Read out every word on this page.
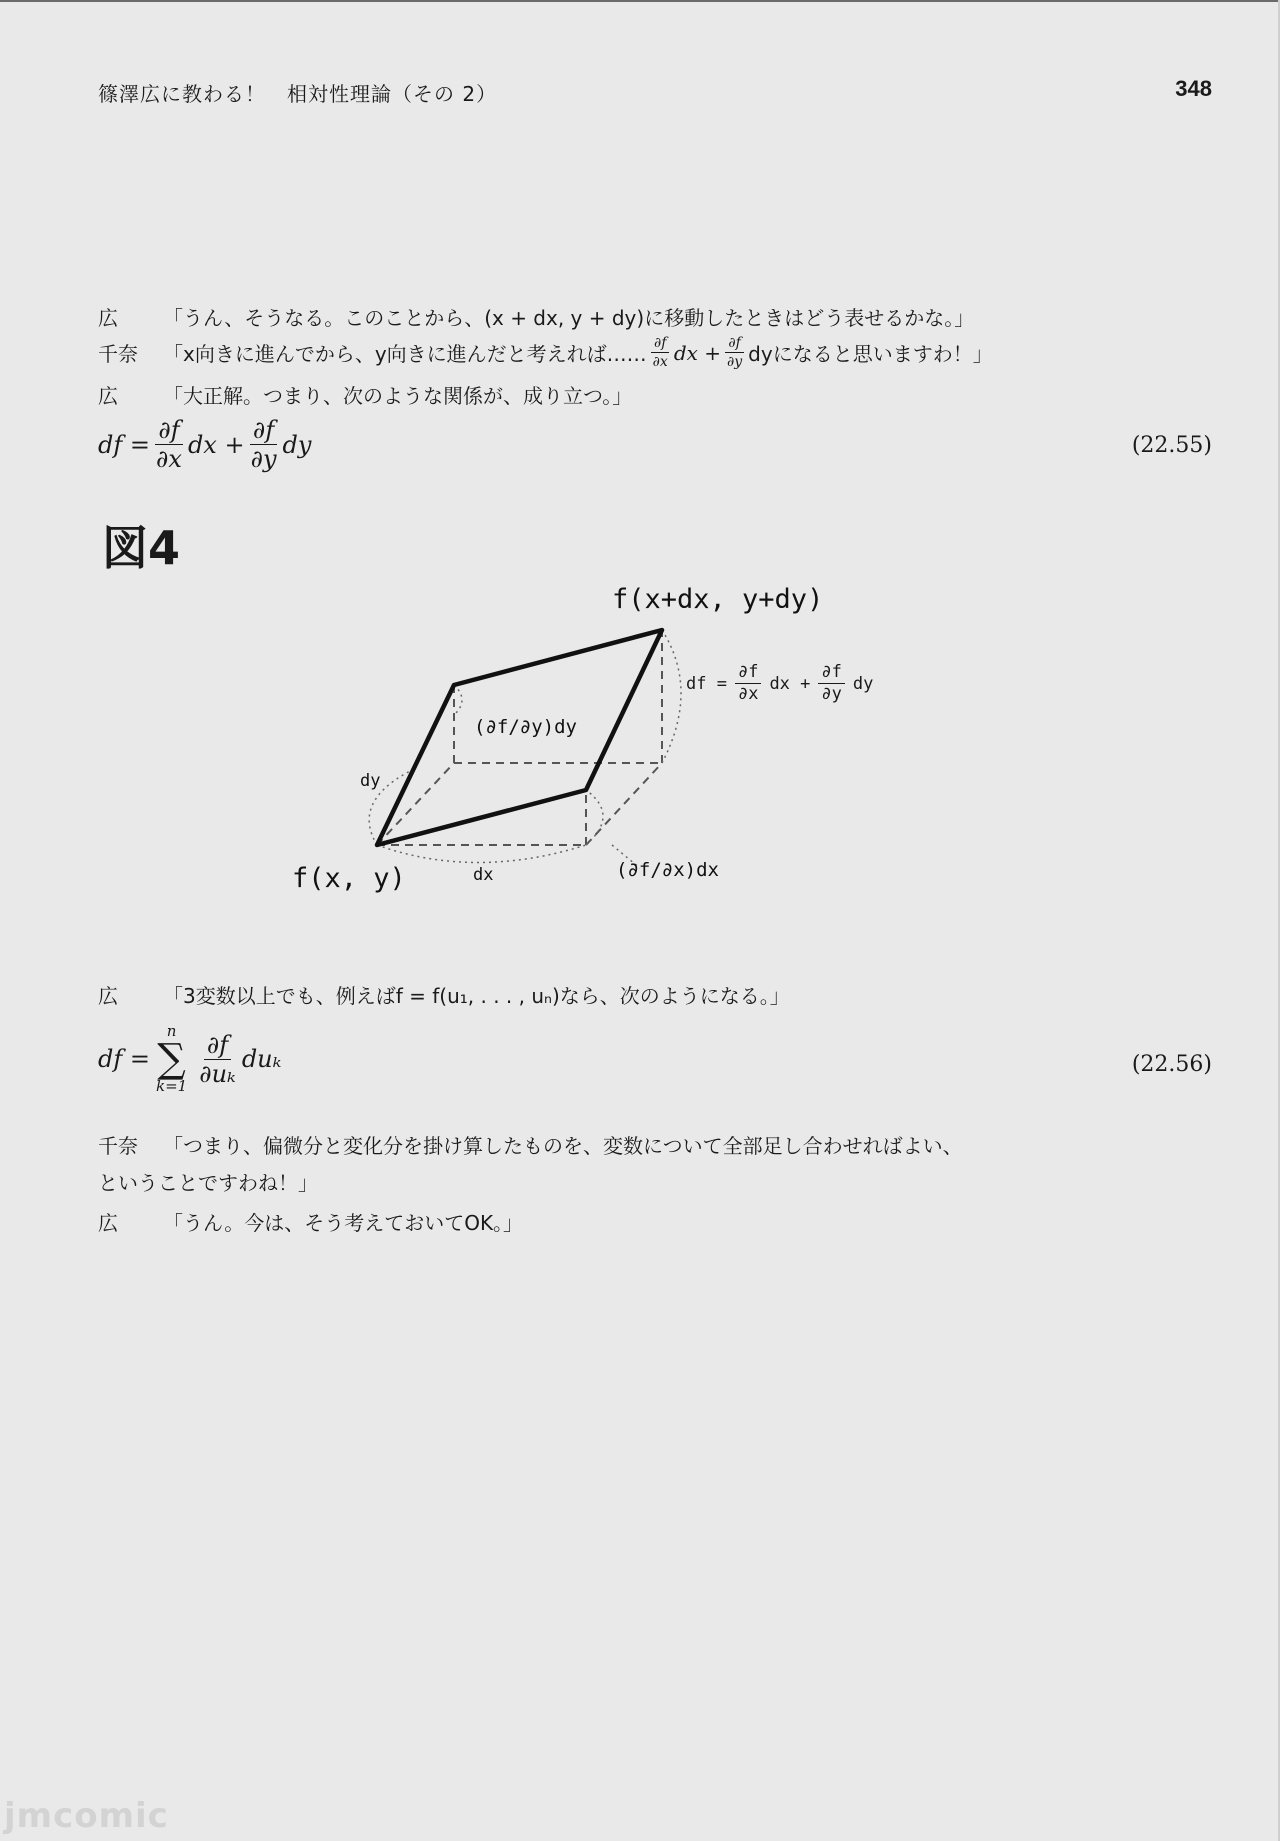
篠澤広に教わる！　相対性理論（その 2）	348
広	「うん、そうなる。このことから、(x + dx, y + dy)に移動したときはどう表せるかな。」
千奈	「x向きに進んでから、y向きに進んだと考えれば…… $\frac{\partial f}{\partial x}$ dx + $\frac{\partial f}{\partial y}$ dyになると思いますわ！」
広	「大正解。つまり、次のような関係が、成り立つ。」
df = $\frac{\partial f}{\partial x}$ dx + $\frac{\partial f}{\partial y}$ dy	(22.55)
図4
f(x+dx, y+dy)
f(x, y)	dx
dy
(∂f/∂x)dx
(∂f/∂y)dy
df = $\frac{\partial f}{\partial x}$ dx + $\frac{\partial f}{\partial y}$ dy
広	「3変数以上でも、例えばf = f(u₁, . . . , uₙ)なら、次のようになる。」
df =
n
∑
k=1
$\frac{\partial f}{\text{∂uₖ}}$ duₖ	(22.56)
千奈	「つまり、偏微分と変化分を掛け算したものを、変数について全部足し合わせればよい、
ということですわね！」
広	「うん。今は、そう考えておいてOK。」
jmcomic
